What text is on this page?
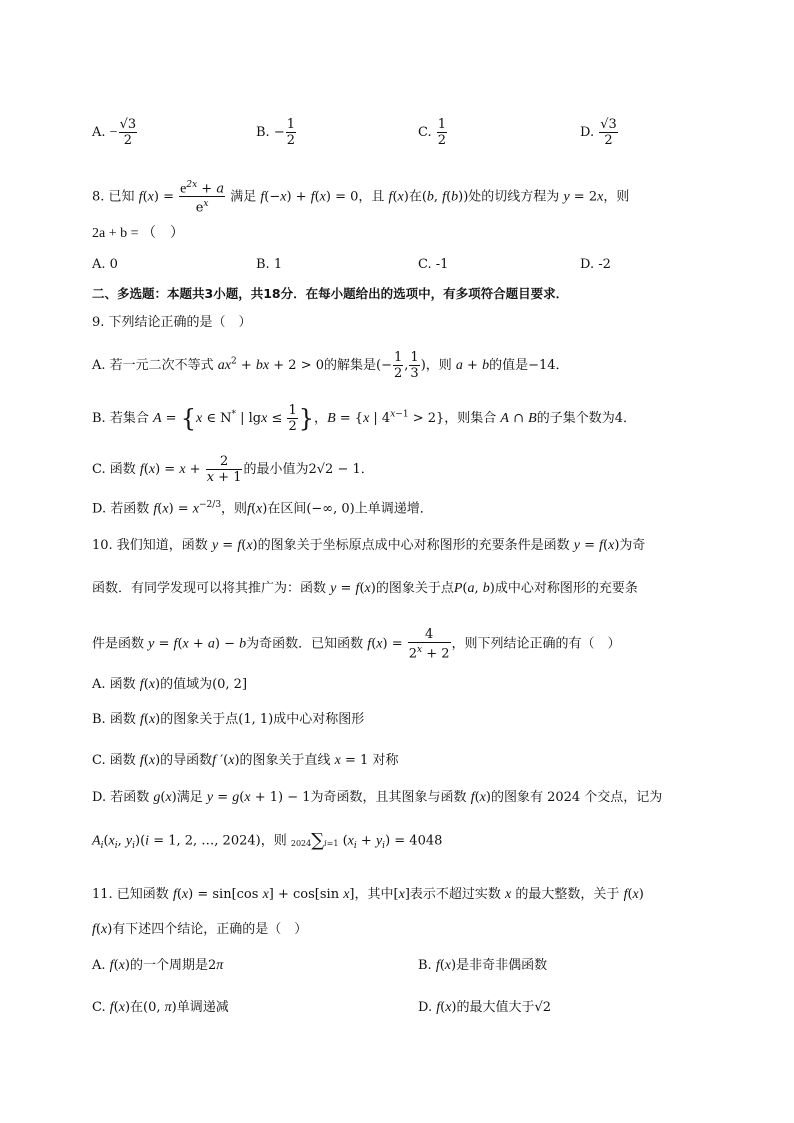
A. − $\frac{√3}{2}$	B. − $\frac{1}{2}$	C. $\frac{1}{2}$	D. $\frac{√3}{2}$
8. 已知 $f(x) = \frac{e^{2x} + a}{e^x}$ 满足 f(−x) + f(x) = 0，且 f(x)在(b, f(b))处的切线方程为 y = 2x，则
2a + b = （　）
A. 0	B. 1	C. -1	D. -2
二、多选题：本题共3小题，共18分．在每小题给出的选项中，有多项符合题目要求．
9. 下列结论正确的是（　）
A. 若一元二次不等式 $ax^2$ + bx + 2 > 0的解集是(− $\frac{1}{2}$ , $\frac{1}{3}$ )，则 a + b的值是−14．
B. 若集合 A = {x ∈ N* | $\lg x \le \frac{1}{2}$ }，B = {x | $4^{x-1} > 2$}，则集合 A ∩ B的子集个数为4．
C. 函数 $f(x) = x + \frac{2}{x + 1}$ 的最小值为2√2 − 1．
D. 若函数 $f(x) = x^{-2/3}$，则f(x)在区间(−∞, 0)上单调递增．
10. 我们知道，函数 y = f(x)的图象关于坐标原点成中心对称图形的充要条件是函数 y = f(x)为奇
函数．有同学发现可以将其推广为：函数 y = f(x)的图象关于点P(a, b)成中心对称图形的充要条
件是函数 y = f(x + a) − b为奇函数．已知函数 $f(x) = \frac{4}{2^x + 2}$ ，则下列结论正确的有（　）
A. 函数 f(x)的值域为(0, 2]
B. 函数 f(x)的图象关于点(1, 1)成中心对称图形
C. 函数 f(x)的导函数f ′(x)的图象关于直线 x = 1 对称
D. 若函数 g(x)满足 y = g(x + 1) − 1为奇函数，且其图象与函数 f(x)的图象有 2024 个交点，记为
$A_i(x_i$, $y_i)(i = 1$, 2, …, 2024)，则 2024∑i=1 $(x_i + y_i) = 4048$
11. 已知函数 f(x) = sin[cos x] + cos[sin x]，其中[x]表示不超过实数 x 的最大整数，关于 f(x)
f(x)有下述四个结论，正确的是（　）
A. f(x)的一个周期是2π	B. f(x)是非奇非偶函数
C. f(x)在(0, π)单调递减	D. f(x)的最大值大于√2
